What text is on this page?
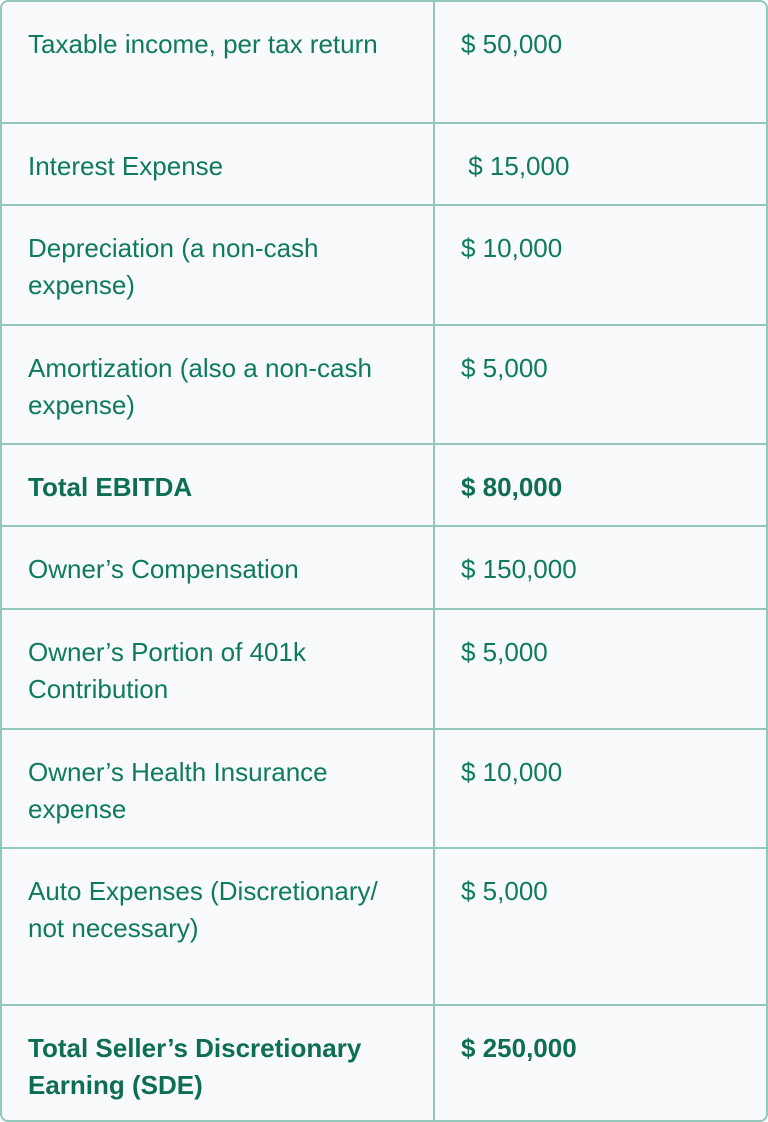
Taxable income, per tax return	$ 50,000
Interest Expense	$ 15,000
Depreciation (a non-cash expense)	$ 10,000
Amortization (also a non-cash expense)	$ 5,000
Total EBITDA	$ 80,000
Owner’s Compensation	$ 150,000
Owner’s Portion of 401k Contribution	$ 5,000
Owner’s Health Insurance expense	$ 10,000
Auto Expenses (Discretionary/ not necessary)	$ 5,000
Total Seller’s Discretionary Earning (SDE)	$ 250,000
